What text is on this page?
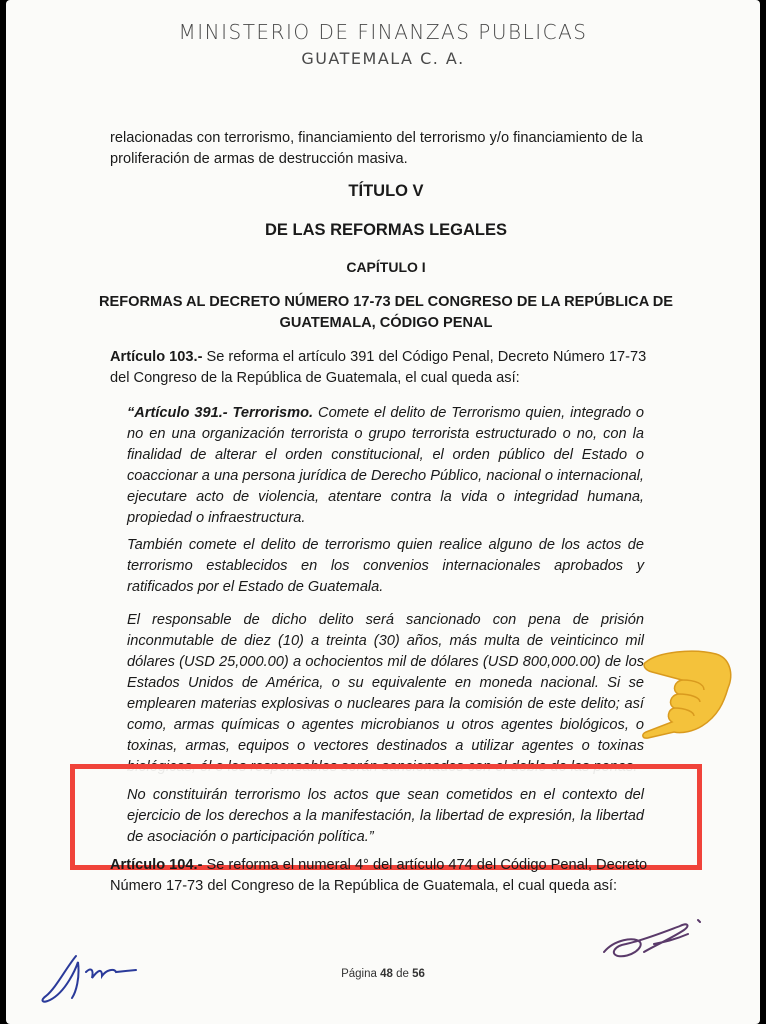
MINISTERIO DE FINANZAS PUBLICAS
GUATEMALA C. A.
relacionadas con terrorismo, financiamiento del terrorismo y/o financiamiento de la proliferación de armas de destrucción masiva.
TÍTULO V
DE LAS REFORMAS LEGALES
CAPÍTULO I
REFORMAS AL DECRETO NÚMERO 17-73 DEL CONGRESO DE LA REPÚBLICA DE GUATEMALA, CÓDIGO PENAL
Artículo 103.- Se reforma el artículo 391 del Código Penal, Decreto Número 17-73 del Congreso de la República de Guatemala, el cual queda así:
“Artículo 391.- Terrorismo. Comete el delito de Terrorismo quien, integrado o no en una organización terrorista o grupo terrorista estructurado o no, con la finalidad de alterar el orden constitucional, el orden público del Estado o coaccionar a una persona jurídica de Derecho Público, nacional o internacional, ejecutare acto de violencia, atentare contra la vida o integridad humana, propiedad o infraestructura.
También comete el delito de terrorismo quien realice alguno de los actos de terrorismo establecidos en los convenios internacionales aprobados y ratificados por el Estado de Guatemala.
El responsable de dicho delito será sancionado con pena de prisión inconmutable de diez (10) a treinta (30) años, más multa de veinticinco mil dólares (USD 25,000.00) a ochocientos mil de dólares (USD 800,000.00) de los Estados Unidos de América, o su equivalente en moneda nacional. Si se emplearen materias explosivas o nucleares para la comisión de este delito; así como, armas químicas o agentes microbianos u otros agentes biológicos, o toxinas, armas, equipos o vectores destinados a utilizar agentes o toxinas
No constituirán terrorismo los actos que sean cometidos en el contexto del ejercicio de los derechos a la manifestación, la libertad de expresión, la libertad de asociación o participación política.”
Artículo 104.- Se reforma el numeral 4° del artículo 474 del Código Penal, Decreto Número 17-73 del Congreso de la República de Guatemala, el cual queda así:
Página 48 de 56
